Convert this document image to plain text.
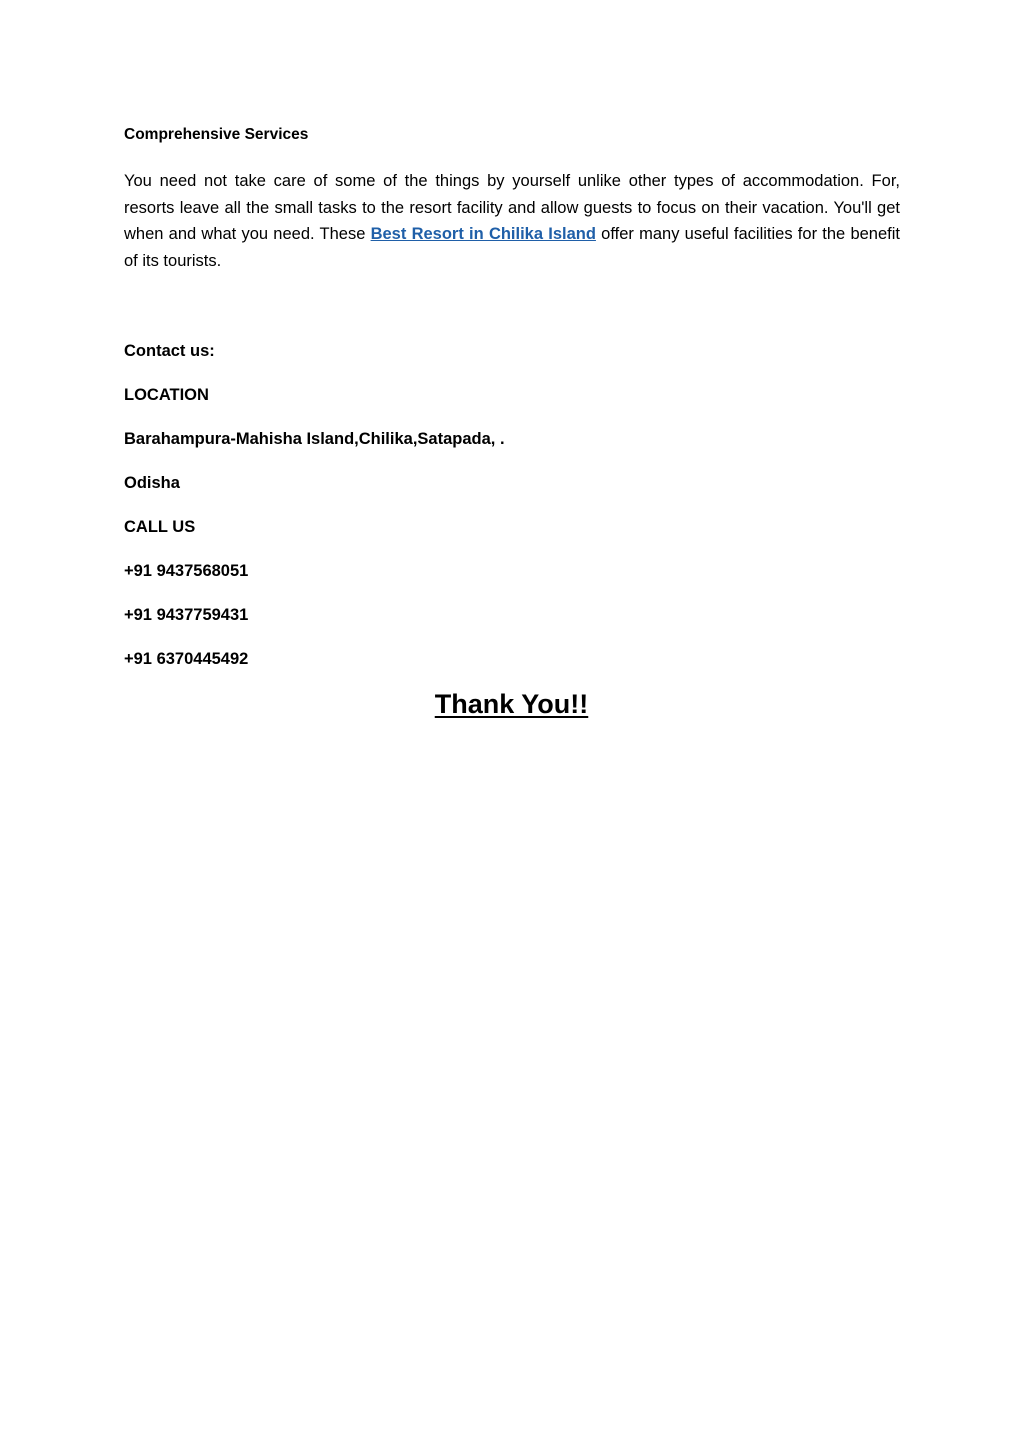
Comprehensive Services

You need not take care of some of the things by yourself unlike other types of accommodation. For, resorts leave all the small tasks to the resort facility and allow guests to focus on their vacation. You'll get when and what you need. These Best Resort in Chilika Island offer many useful facilities for the benefit of its tourists.

Contact us:

LOCATION

Barahampura-Mahisha Island,Chilika,Satapada, .

Odisha

CALL US

+91 9437568051

+91 9437759431

+91 6370445492

Thank You!!
